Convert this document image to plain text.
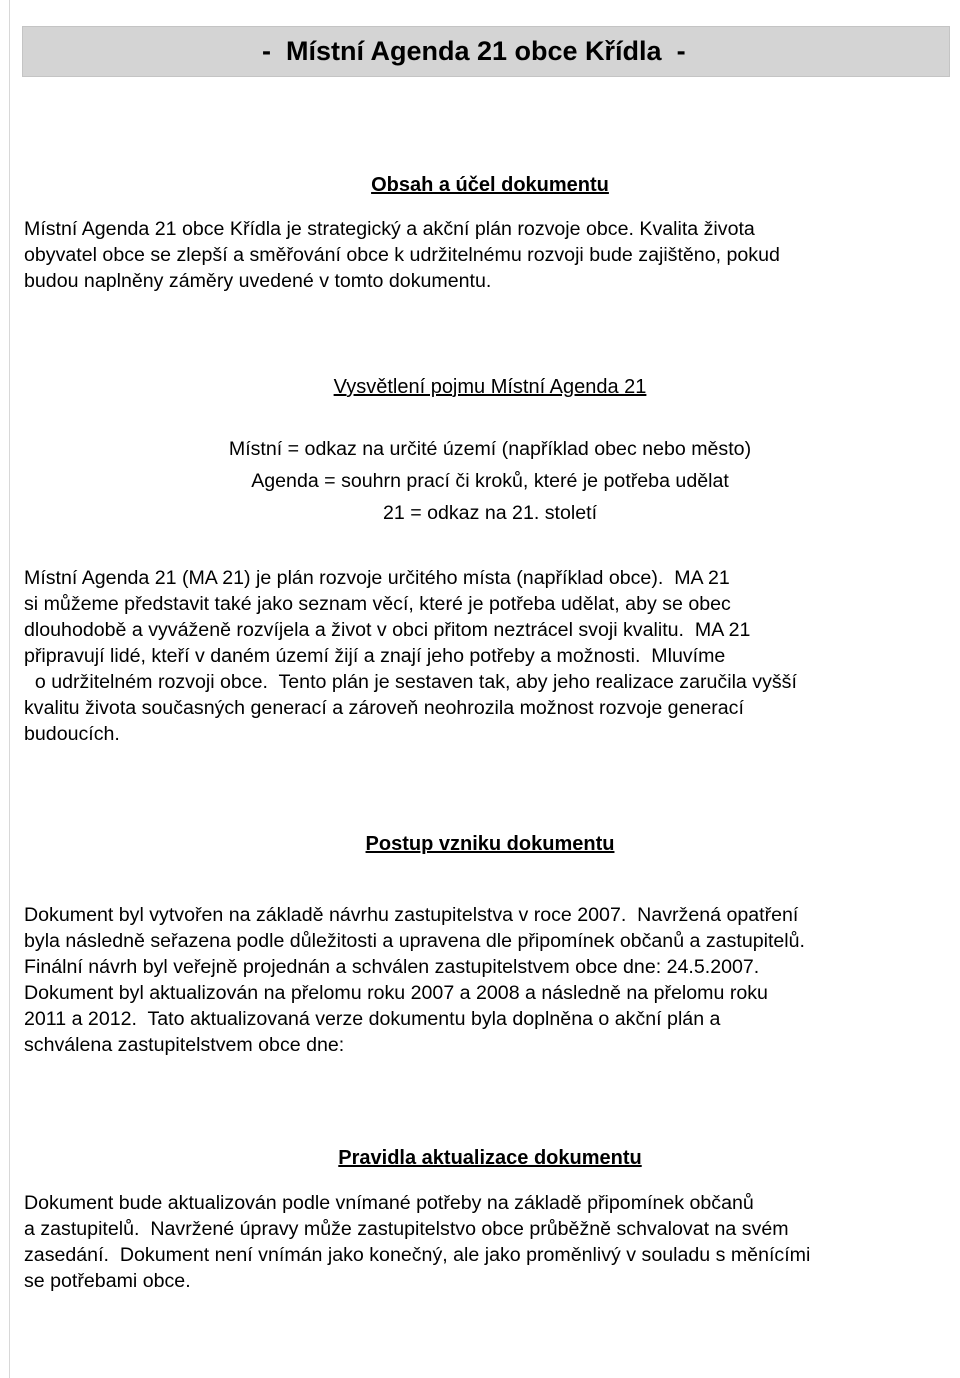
-  Místní Agenda 21 obce Křídla  -
Obsah a účel dokumentu
Místní Agenda 21 obce Křídla je strategický a akční plán rozvoje obce. Kvalita života
obyvatel obce se zlepší a směřování obce k udržitelnému rozvoji bude zajištěno, pokud
budou naplněny záměry uvedené v tomto dokumentu.
Vysvětlení pojmu Místní Agenda 21
Místní = odkaz na určité území (například obec nebo město)
Agenda = souhrn prací či kroků, které je potřeba udělat
21 = odkaz na 21. století
Místní Agenda 21 (MA 21) je plán rozvoje určitého místa (například obce).  MA 21
si můžeme představit také jako seznam věcí, které je potřeba udělat, aby se obec
dlouhodobě a vyváženě rozvíjela a život v obci přitom neztrácel svoji kvalitu.  MA 21
připravují lidé, kteří v daném území žijí a znají jeho potřeby a možnosti.  Mluvíme
o udržitelném rozvoji obce.  Tento plán je sestaven tak, aby jeho realizace zaručila vyšší
kvalitu života současných generací a zároveň neohrozila možnost rozvoje generací
budoucích.
Postup vzniku dokumentu
Dokument byl vytvořen na základě návrhu zastupitelstva v roce 2007.  Navržená opatření
byla následně seřazena podle důležitosti a upravena dle připomínek občanů a zastupitelů.
Finální návrh byl veřejně projednán a schválen zastupitelstvem obce dne: 24.5.2007.
Dokument byl aktualizován na přelomu roku 2007 a 2008 a následně na přelomu roku
2011 a 2012.  Tato aktualizovaná verze dokumentu byla doplněna o akční plán a
schválena zastupitelstvem obce dne:
Pravidla aktualizace dokumentu
Dokument bude aktualizován podle vnímané potřeby na základě připomínek občanů
a zastupitelů.  Navržené úpravy může zastupitelstvo obce průběžně schvalovat na svém
zasedání.  Dokument není vnímán jako konečný, ale jako proměnlivý v souladu s měnícími
se potřebami obce.
